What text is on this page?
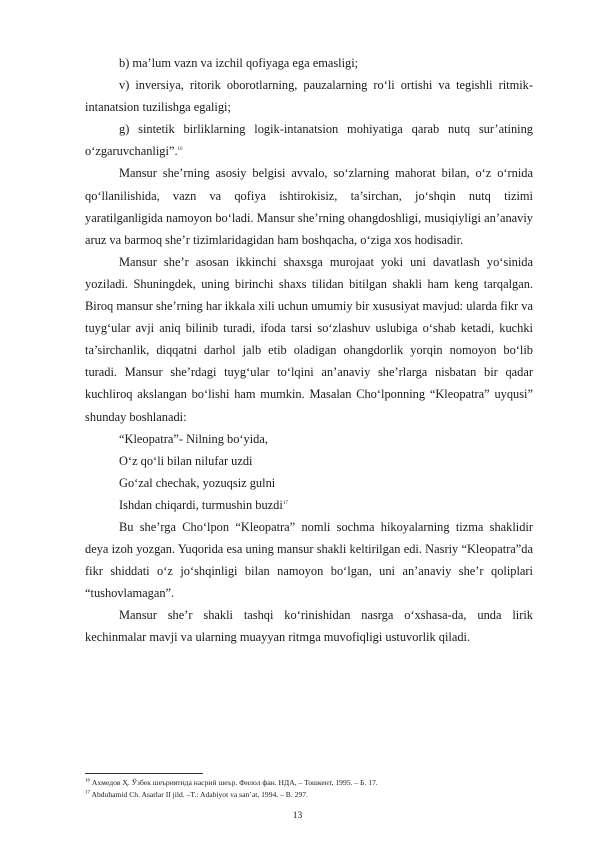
b) ma’lum vazn va izchil qofiyaga ega emasligi;

v) inversiya, ritorik oborotlarning, pauzalarning ro‘li ortishi va tegishli ritmik-intanatsion tuzilishga egaligi;

g) sintetik birliklarning logik-intanatsion mohiyatiga qarab nutq sur’atining o‘zgaruvchanligi”.$^{16}$

Mansur she’rning asosiy belgisi avvalo, so‘zlarning mahorat bilan, o‘z o‘rnida qo‘llanilishida, vazn va qofiya ishtirokisiz, ta’sirchan, jo‘shqin nutq tizimi yaratilganligida namoyon bo‘ladi. Mansur she’rning ohangdoshligi, musiqiyligi an’anaviy aruz va barmoq she’r tizimlaridagidan ham boshqacha, o‘ziga xos hodisadir.

Mansur she’r asosan ikkinchi shaxsga murojaat yoki uni davatlash yo‘sinida yoziladi. Shuningdek, uning birinchi shaxs tilidan bitilgan shakli ham keng tarqalgan. Biroq mansur she’rning har ikkala xili uchun umumiy bir xususiyat mavjud: ularda fikr va tuyg‘ular avji aniq bilinib turadi, ifoda tarsi so‘zlashuv uslubiga o‘shab ketadi, kuchki ta’sirchanlik, diqqatni darhol jalb etib oladigan ohangdorlik yorqin nomoyon bo‘lib turadi. Mansur she’rdagi tuyg‘ular to‘lqini an’anaviy she’rlarga nisbatan bir qadar kuchliroq akslangan bo‘lishi ham mumkin. Masalan Cho‘lponning “Kleopatra” uyqusi” shunday boshlanadi:

“Kleopatra”- Nilning bo‘yida,

O‘z qo‘li bilan nilufar uzdi

Go‘zal chechak, yozuqsiz gulni

Ishdan chiqardi, turmushin buzdi$^{17}$

Bu she’rga Cho‘lpon “Kleopatra” nomli sochma hikoyalarning tizma shaklidir deya izoh yozgan. Yuqorida esa uning mansur shakli keltirilgan edi. Nasriy “Kleopatra”da fikr shiddati o‘z jo‘shqinligi bilan namoyon bo‘lgan, uni an’anaviy she’r qoliplari “tushovlamagan”.

Mansur she’r shakli tashqi ko‘rinishidan nasrga o‘xshasa-da, unda lirik kechinmalar mavji va ularning muayyan ritmga muvofiqligi ustuvorlik qiladi.

$^{16}$ Ахмедов Ҳ. Ўзбек шеъриятида насрий шеър. Филол фан. НДА, – Тошкент, 1995. – Б. 17.

$^{17}$ Abduhamid Ch. Asarlar II jild. –T.: Adabiyot va san’at, 1994. – B. 297.

13
